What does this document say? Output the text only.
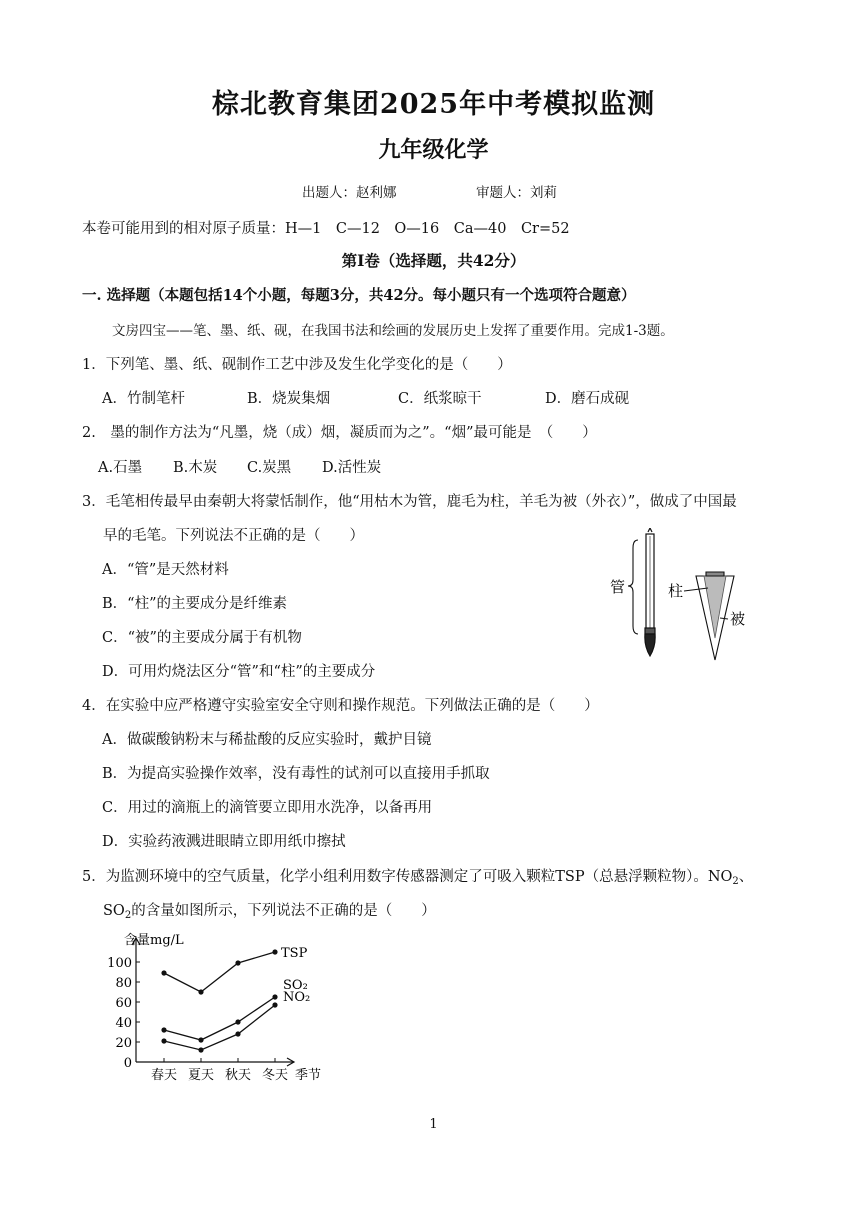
棕北教育集团2025年中考模拟监测
九年级化学
出题人：赵利娜	审题人：刘莉
本卷可能用到的相对原子质量：H—1　C—12　O—16　Ca—40　Cr=52
第Ⅰ卷（选择题，共42分）
一. 选择题（本题包括14个小题，每题3分，共42分。每小题只有一个选项符合题意）
文房四宝——笔、墨、纸、砚，在我国书法和绘画的发展历史上发挥了重要作用。完成1-3题。
1．下列笔、墨、纸、砚制作工艺中涉及发生化学变化的是（　　）
A．竹制笔杆	B．烧炭集烟	C．纸浆晾干	D．磨石成砚
2.　墨的制作方法为“凡墨，烧（成）烟，凝质而为之”。“烟”最可能是　（　　）
A.石墨 B.木炭 C.炭黑 D.活性炭
3．毛笔相传最早由秦朝大将蒙恬制作，他“用枯木为管，鹿毛为柱，羊毛为被（外衣）”，做成了中国最
早的毛笔。下列说法不正确的是（　　）
A．“管”是天然材料
B．“柱”的主要成分是纤维素
C．“被”的主要成分属于有机物
D．可用灼烧法区分“管”和“柱”的主要成分
管	柱
被
4．在实验中应严格遵守实验室安全守则和操作规范。下列做法正确的是（　　）
A．做碳酸钠粉末与稀盐酸的反应实验时，戴护目镜
B．为提高实验操作效率，没有毒性的试剂可以直接用手抓取
C．用过的滴瓶上的滴管要立即用水洗净，以备再用
D．实验药液溅进眼睛立即用纸巾擦拭
5．为监测环境中的空气质量，化学小组利用数字传感器测定了可吸入颗粒TSP（总悬浮颗粒物）。$NO_2$、
$SO_2$的含量如图所示，下列说法不正确的是（　　）
含量mg/L
0
20
40
60
80
100
春天 夏天 秋天 冬天 季节
TSP
SO₂
NO₂
1
